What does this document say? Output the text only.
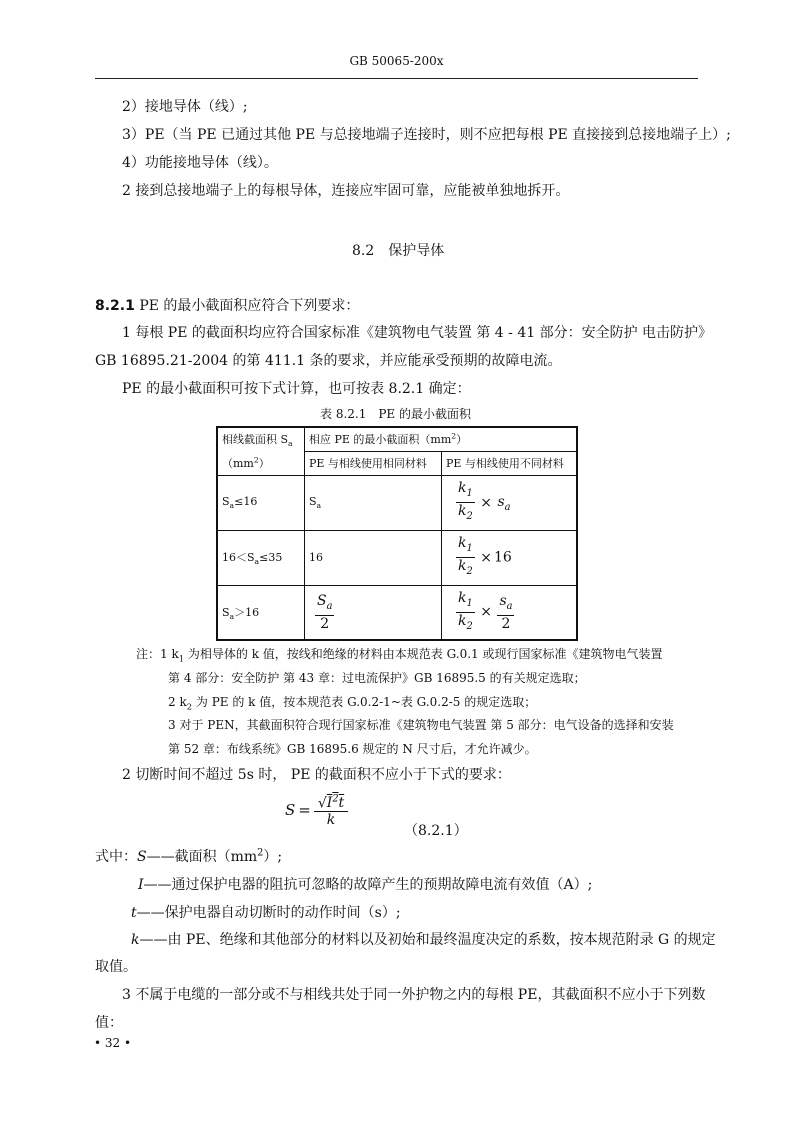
GB 50065-200x
2）接地导体（线）;
3）PE（当 PE 已通过其他 PE 与总接地端子连接时，则不应把每根 PE 直接接到总接地端子上）;
4）功能接地导体（线）。
2 接到总接地端子上的每根导体，连接应牢固可靠，应能被单独地拆开。
8.2　保护导体
8.2.1 PE 的最小截面积应符合下列要求：
1 每根 PE 的截面积均应符合国家标准《建筑物电气装置 第 4 - 41 部分：安全防护 电击防护》
GB 16895.21-2004 的第 411.1 条的要求，并应能承受预期的故障电流。
PE 的最小截面积可按下式计算，也可按表 8.2.1 确定：
表 8.2.1　PE 的最小截面积
相线截面积 $S_a$	相应 PE 的最小截面积$(mm^2)$	
$(mm^2)$	PE 与相线使用相同材料	PE 与相线使用不同材料
$S_a\le 16$	$S_a$	$\frac{k_1}{k_2} \times s_a$
$16<S_a\le 35$	16	$\frac{k_1}{k_2} \times 16$
$S_a>16$	$\frac{S_a}{2}$	$\frac{k_1}{k_2} \times \frac{s_a}{2}$
注：1 $k_1$ 为相导体的 k 值，按线和绝缘的材料由本规范表 G.0.1 或现行国家标准《建筑物电气装置
第 4 部分：安全防护 第 43 章：过电流保护》GB 16895.5 的有关规定选取；
2 $k_2$ 为 PE 的 k 值，按本规范表 G.0.2-1~表 G.0.2-5 的规定选取；
3 对于 PEN，其截面积符合现行国家标准《建筑物电气装置 第 5 部分：电气设备的选择和安装
第 52 章：布线系统》GB 16895.6 规定的 N 尺寸后，才允许减少。
2 切断时间不超过 5s 时， PE 的截面积不应小于下式的要求：
$S = \frac{√I^2t}{k}$
（8.2.1）
式中：S——截面积$(mm^2)$;
I——通过保护电器的阻抗可忽略的故障产生的预期故障电流有效值（A）;
t——保护电器自动切断时的动作时间（s）;
k——由 PE、绝缘和其他部分的材料以及初始和最终温度决定的系数，按本规范附录 G 的规定
取值。
3 不属于电缆的一部分或不与相线共处于同一外护物之内的每根 PE，其截面积不应小于下列数
值：
• 32 •
